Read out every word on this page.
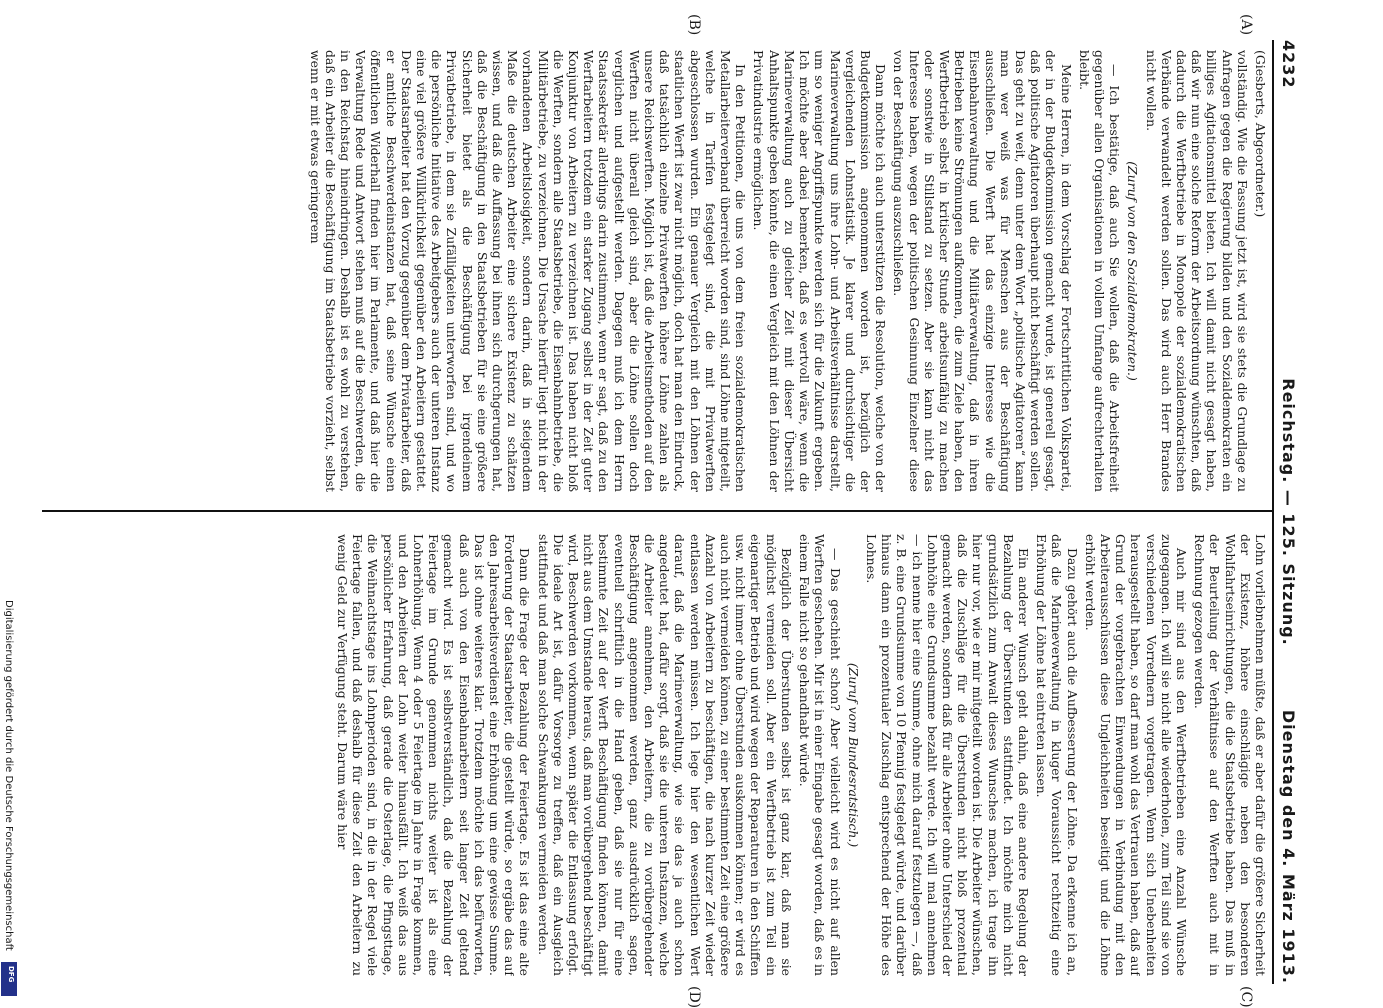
4232
Reichstag. — 125. Sitzung.
Dienstag den 4. März 1913.
(A)
(B)
(C)
(D)

(Giesberts, Abgeordneter.)

vollständig. Wie die Fassung jetzt ist, wird sie stets die Grundlage zu Anfragen gegen die Regierung bilden und den Sozialdemokraten ein billiges Agitationsmittel bieten. Ich will damit nicht gesagt haben, daß wir nun eine solche Reform der Arbeitsordnung wünschten, daß dadurch die Werftbetriebe in Monopole der sozialdemokratischen Verbände verwandelt werden sollen. Das wird auch Herr Brandes nicht wollen.

(Zuruf von den Sozialdemokraten.)

— Ich bestätige, daß auch Sie wollen, daß die Arbeitsfreiheit gegenüber allen Organisationen in vollem Umfange aufrechterhalten bleibt.

Meine Herren, in dem Vorschlag der Fortschrittlichen Volkspartei, der in der Budgetkommission gemacht wurde, ist generell gesagt, daß politische Agitatoren überhaupt nicht beschäftigt werden sollen. Das geht zu weit, denn unter dem Wort „politische Agitatoren“ kann man wer weiß was für Menschen aus der Beschäftigung ausschließen. Die Werft hat das einzige Interesse wie die Eisenbahnverwaltung und die Militärverwaltung, daß in ihren Betrieben keine Strömungen aufkommen, die zum Ziele haben, den Werftbetrieb selbst in kritischer Stunde arbeitsunfähig zu machen oder sonstwie in Stillstand zu setzen. Aber sie kann nicht das Interesse haben, wegen der politischen Gesinnung Einzelner diese von der Beschäftigung auszuschließen.

Dann möchte ich auch unterstützen die Resolution, welche von der Budgetkommission angenommen worden ist, bezüglich der vergleichenden Lohnstatistik. Je klarer und durchsichtiger die Marineverwaltung uns ihre Lohn- und Arbeitsverhältnisse darstellt, um so weniger Angriffspunkte werden sich für die Zukunft ergeben. Ich möchte aber dabei bemerken, daß es wertvoll wäre, wenn die Marineverwaltung auch zu gleicher Zeit mit dieser Übersicht Anhaltspunkte geben könnte, die einen Vergleich mit den Löhnen der Privatindustrie ermöglichen.

In den Petitionen, die uns von dem freien sozialdemokratischen Metallarbeiterverband überreicht worden sind, sind Löhne mitgeteilt, welche in Tarifen festgelegt sind, die mit Privatwerften abgeschlossen wurden. Ein genauer Vergleich mit den Löhnen der staatlichen Werft ist zwar nicht möglich, doch hat man den Eindruck, daß tatsächlich einzelne Privatwerften höhere Löhne zahlen als unsere Reichswerften. Möglich ist, daß die Arbeitsmethoden auf den Werften nicht überall gleich sind, aber die Löhne sollen doch verglichen und aufgestellt werden. Dagegen muß ich dem Herrn Staatssekretär allerdings darin zustimmen, wenn er sagt, daß zu den Werftarbeitern trotzdem ein starker Zugang selbst in der Zeit guter Konjunktur von Arbeitern zu verzeichnen ist. Das haben nicht bloß die Werften, sondern alle Staatsbetriebe, die Eisenbahnbetriebe, die Militärbetriebe, zu verzeichnen. Die Ursache hierfür liegt nicht in der vorhandenen Arbeitslosigkeit, sondern darin, daß in steigendem Maße die deutschen Arbeiter eine sichere Existenz zu schätzen wissen, und daß die Auffassung bei ihnen sich durchgerungen hat, daß die Beschäftigung in den Staatsbetrieben für sie eine größere Sicherheit bietet als die Beschäftigung bei irgendeinem Privatbetriebe, in dem sie Zufälligkeiten unterworfen sind, und wo die persönliche Initiative des Arbeitgebers auch der unteren Instanz eine viel größere Willkürlichkeit gegenüber den Arbeitern gestattet. Der Staatsarbeiter hat den Vorzug gegenüber dem Privatarbeiter, daß er amtliche Beschwerdeinstanzen hat, daß seine Wünsche einen öffentlichen Widerhall finden hier im Parlamente, und daß hier die Verwaltung Rede und Antwort stehen muß auf die Beschwerden, die in den Reichstag hineindringen. Deshalb ist es wohl zu verstehen, daß ein Arbeiter die Beschäftigung im Staatsbetriebe vorzieht, selbst wenn er mit etwas geringerem

Lohn vorliebnehmen müßte, daß er aber dafür die größere Sicherheit der Existenz, höhere einschlägige neben den besonderen Wohlfahrtseinrichtungen, die die Staatsbetriebe haben. Das muß in der Beurteilung der Verhältnisse auf den Werften auch mit in Rechnung gezogen werden.

Auch mir sind aus den Werftbetrieben eine Anzahl Wünsche zugegangen. Ich will sie nicht alle wiederholen, zum Teil sind sie von verschiedenen Vorrednern vorgetragen. Wenn sich Unebenheiten herausgestellt haben, so darf man wohl das Vertrauen haben, daß auf Grund der vorgebrachten Einwendungen in Verbindung mit den Arbeiterausschüssen diese Ungleichheiten beseitigt und die Löhne erhöht werden.

Dazu gehört auch die Aufbesserung der Löhne. Da erkenne ich an, daß die Marineverwaltung in kluger Voraussicht rechtzeitig eine Erhöhung der Löhne hat eintreten lassen.

Ein anderer Wunsch geht dahin, daß eine andere Regelung der Bezahlung der Überstunden stattfindet. Ich möchte mich nicht grundsätzlich zum Anwalt dieses Wunsches machen, ich trage ihn hier nur vor, wie er mir mitgeteilt worden ist. Die Arbeiter wünschen, daß die Zuschläge für die Überstunden nicht bloß prozentual gemacht werden, sondern daß für alle Arbeiter ohne Unterschied der Lohnhöhe eine Grundsumme bezahlt werde. Ich will mal annehmen — ich nenne hier eine Summe, ohne mich darauf festzulegen —, daß z. B. eine Grundsumme von 10 Pfennig festgelegt würde, und darüber hinaus dann ein prozentualer Zuschlag entsprechend der Höhe des Lohnes.

(Zuruf vom Bundesratstisch.)

— Das geschieht schon? Aber vielleicht wird es nicht auf allen Werften geschehen. Mir ist in einer Eingabe gesagt worden, daß es in einem Falle nicht so gehandhabt würde.

Bezüglich der Überstunden selbst ist ganz klar, daß man sie möglichst vermeiden soll. Aber ein Werftbetrieb ist zum Teil ein eigenartiger Betrieb und wird wegen der Reparaturen in den Schiffen usw. nicht immer ohne Überstunden auskommen können; er wird es auch nicht vermeiden können, zu einer bestimmten Zeit eine größere Anzahl von Arbeitern zu beschäftigen, die nach kurzer Zeit wieder entlassen werden müssen. Ich lege hier den wesentlichen Wert darauf, daß die Marineverwaltung, wie sie das ja auch schon angedeutet hat, dafür sorgt, daß sie die unteren Instanzen, welche die Arbeiter annehmen, den Arbeitern, die zu vorübergehender Beschäftigung angenommen werden, ganz ausdrücklich sagen, eventuell schriftlich in die Hand geben, daß sie nur für eine bestimmte Zeit auf der Werft Beschäftigung finden können, damit nicht aus dem Umstande heraus, daß man vorübergehend beschäftigt wird, Beschwerden vorkommen, wenn später die Entlassung erfolgt. Die ideale Art ist, dafür Vorsorge zu treffen, daß ein Ausgleich stattfindet und daß man solche Schwankungen vermeiden werden.

Dann die Frage der Bezahlung der Feiertage. Es ist das eine alte Forderung der Staatsarbeiter, die gestellt würde, so ergäbe das auf den Jahresarbeitsverdienst eine Erhöhung um eine gewisse Summe. Das ist ohne weiteres klar. Trotzdem möchte ich das befürworten, daß auch von den Eisenbahnarbeitern seit langer Zeit geltend gemacht wird. Es ist selbstverständlich, daß die Bezahlung der Feiertage im Grunde genommen nichts weiter ist als eine Lohnerhöhung. Wenn 4 oder 5 Feiertage im Jahre in Frage kommen, und den Arbeitern der Lohn weiter hinausfällt. Ich weiß das aus persönlicher Erfahrung, daß gerade die Osterlage, die Pfingsttage, die Weihnachtstage ins Lohnperioden sind, in die in der Regel viele Feiertage fallen, und daß deshalb für diese Zeit den Arbeitern zu wenig Geld zur Verfügung steht. Darum wäre hier

Digitalisierung gefördert durch die Deutsche Forschungsgemeinschaft
DFG
